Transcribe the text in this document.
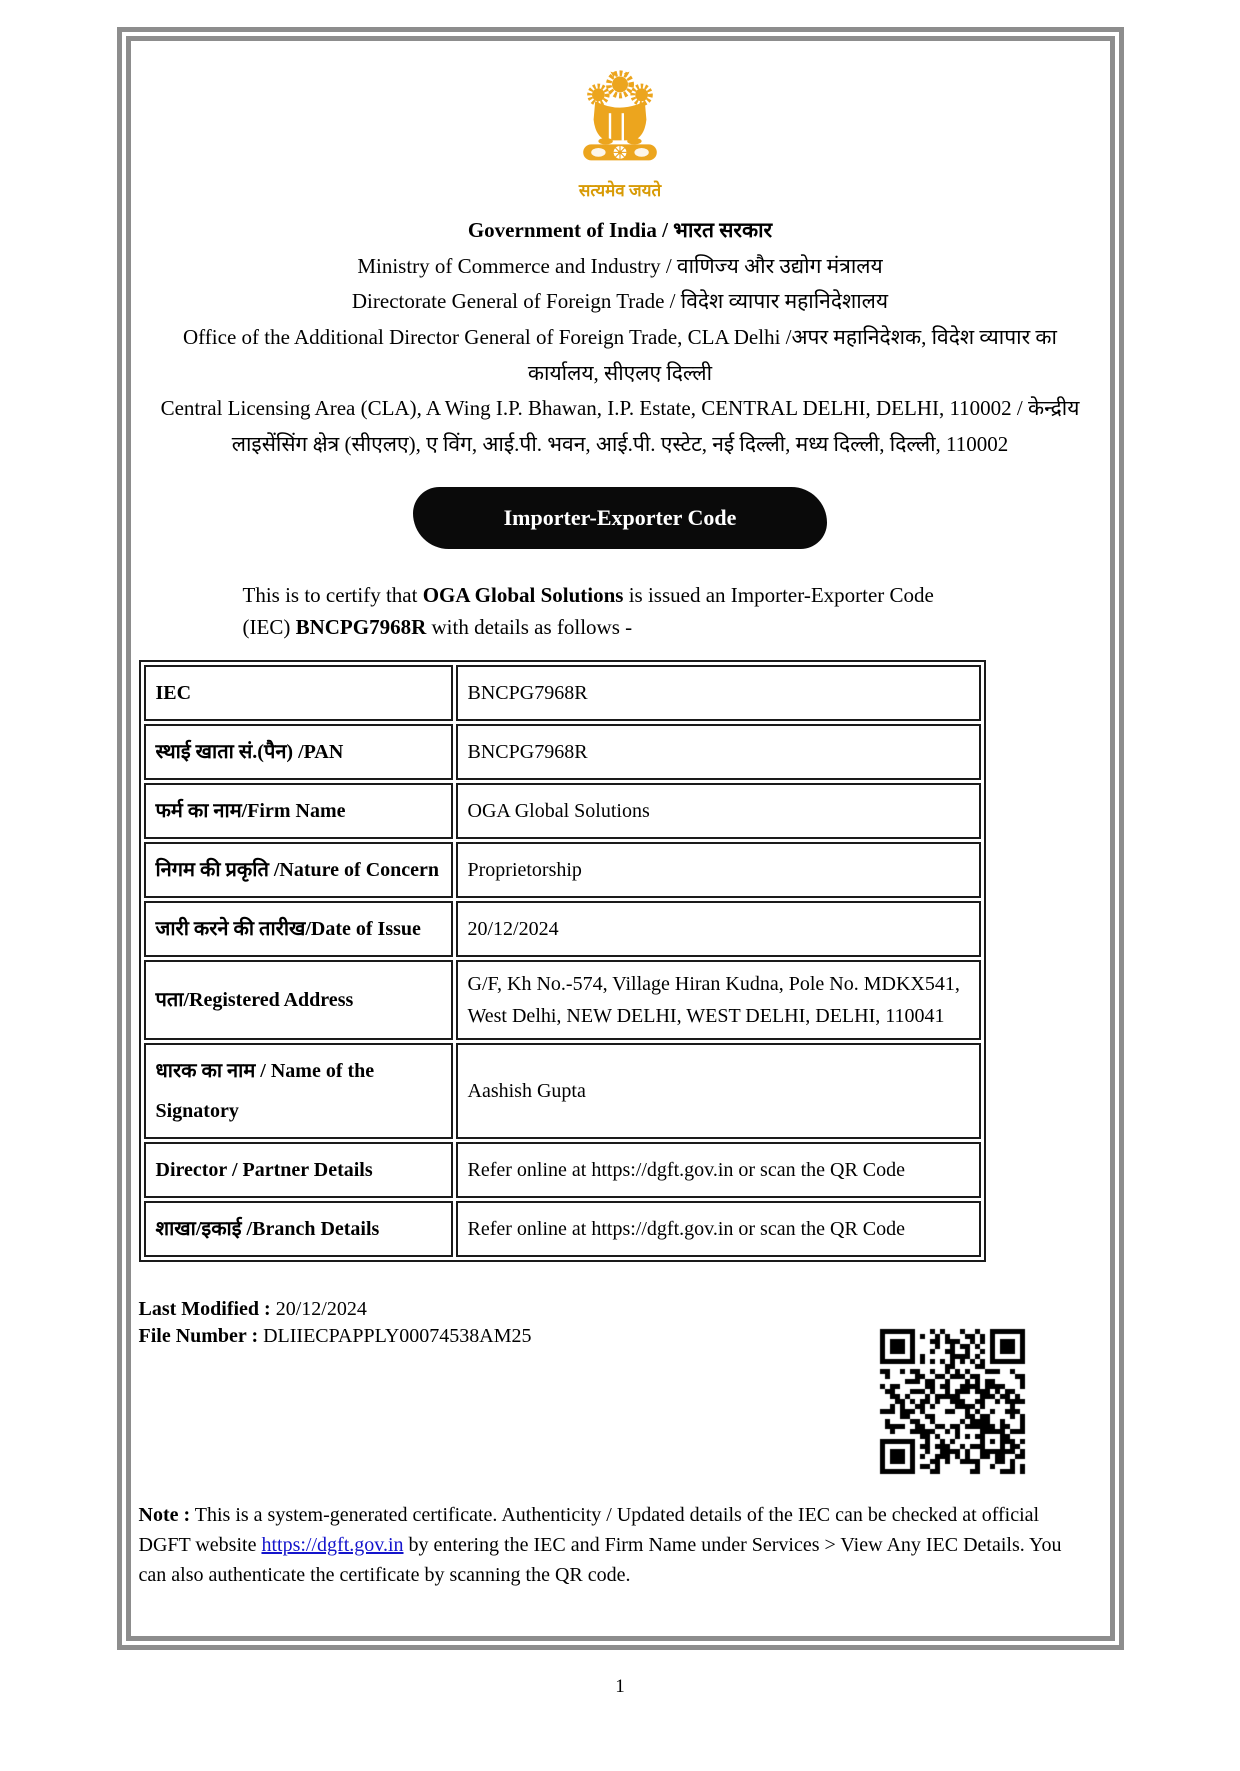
सत्यमेव जयते
Government of India / भारत सरकार
Ministry of Commerce and Industry / वाणिज्य और उद्योग मंत्रालय
Directorate General of Foreign Trade / विदेश व्यापार महानिदेशालय
Office of the Additional Director General of Foreign Trade, CLA Delhi /अपर महानिदेशक, विदेश व्यापार का कार्यालय, सीएलए दिल्ली
Central Licensing Area (CLA), A Wing I.P. Bhawan, I.P. Estate, CENTRAL DELHI, DELHI, 110002 / केन्द्रीय लाइसेंसिंग क्षेत्र (सीएलए), ए विंग, आई.पी. भवन, आई.पी. एस्टेट, नई दिल्ली, मध्य दिल्ली, दिल्ली, 110002
Importer-Exporter Code

This is to certify that OGA Global Solutions is issued an Importer-Exporter Code (IEC) BNCPG7968R with details as follows -

IEC	BNCPG7968R
स्थाई खाता सं.(पैन) /PAN	BNCPG7968R
फर्म का नाम/Firm Name	OGA Global Solutions
निगम की प्रकृति /Nature of Concern	Proprietorship
जारी करने की तारीख/Date of Issue	20/12/2024
पता/Registered Address	G/F, Kh No.-574, Village Hiran Kudna, Pole No. MDKX541, West Delhi, NEW DELHI, WEST DELHI, DELHI, 110041
धारक का नाम / Name of the Signatory	Aashish Gupta
Director / Partner Details	Refer online at https://dgft.gov.in or scan the QR Code
शाखा/इकाई /Branch Details	Refer online at https://dgft.gov.in or scan the QR Code
Last Modified : 20/12/2024
File Number : DLIIECPAPPLY00074538AM25

Note : This is a system-generated certificate. Authenticity / Updated details of the IEC can be checked at official DGFT website https://dgft.gov.in by entering the IEC and Firm Name under Services > View Any IEC Details. You can also authenticate the certificate by scanning the QR code.

1
